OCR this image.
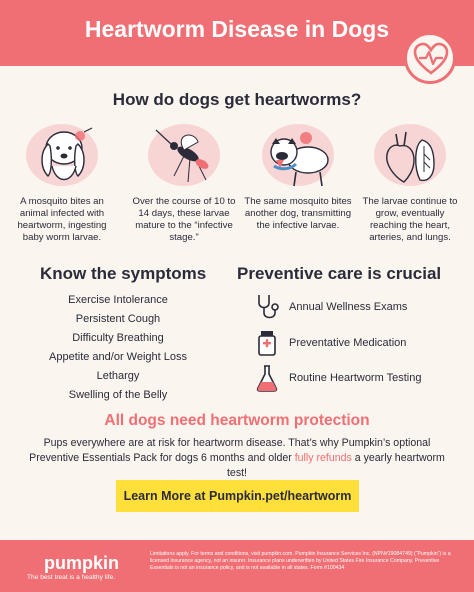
Heartworm Disease in Dogs
How do dogs get heartworms?
A mosquito bites an animal infected with heartworm, ingesting baby worm larvae.
Over the course of 10 to 14 days, these larvae mature to the “infective stage.”
The same mosquito bites another dog, transmitting the infective larvae.
The larvae continue to grow, eventually reaching the heart, arteries, and lungs.
Know the symptoms Preventive care is crucial
Exercise Intolerance
Persistent Cough
Difficulty Breathing
Appetite and/or Weight Loss
Lethargy
Swelling of the Belly
Annual Wellness Exams
Preventative Medication
Routine Heartworm Testing
All dogs need heartworm protection
Pups everywhere are at risk for heartworm disease. That’s why Pumpkin’s optional Preventive Essentials Pack for dogs 6 months and older fully refunds a yearly heartworm test!
Learn More at Pumpkin.pet/heartworm
pumpkin
The best treat is a healthy life.
Limitations apply. For terms and conditions, visit pumpkin.com. Pumpkin Insurance Services Inc. (NPN#19084749) (“Pumpkin”) is a licensed insurance agency, not an insurer. Insurance plans underwritten by United States Fire Insurance Company. Preventive Essentials is not an insurance policy, and is not available in all states. Form #100434
